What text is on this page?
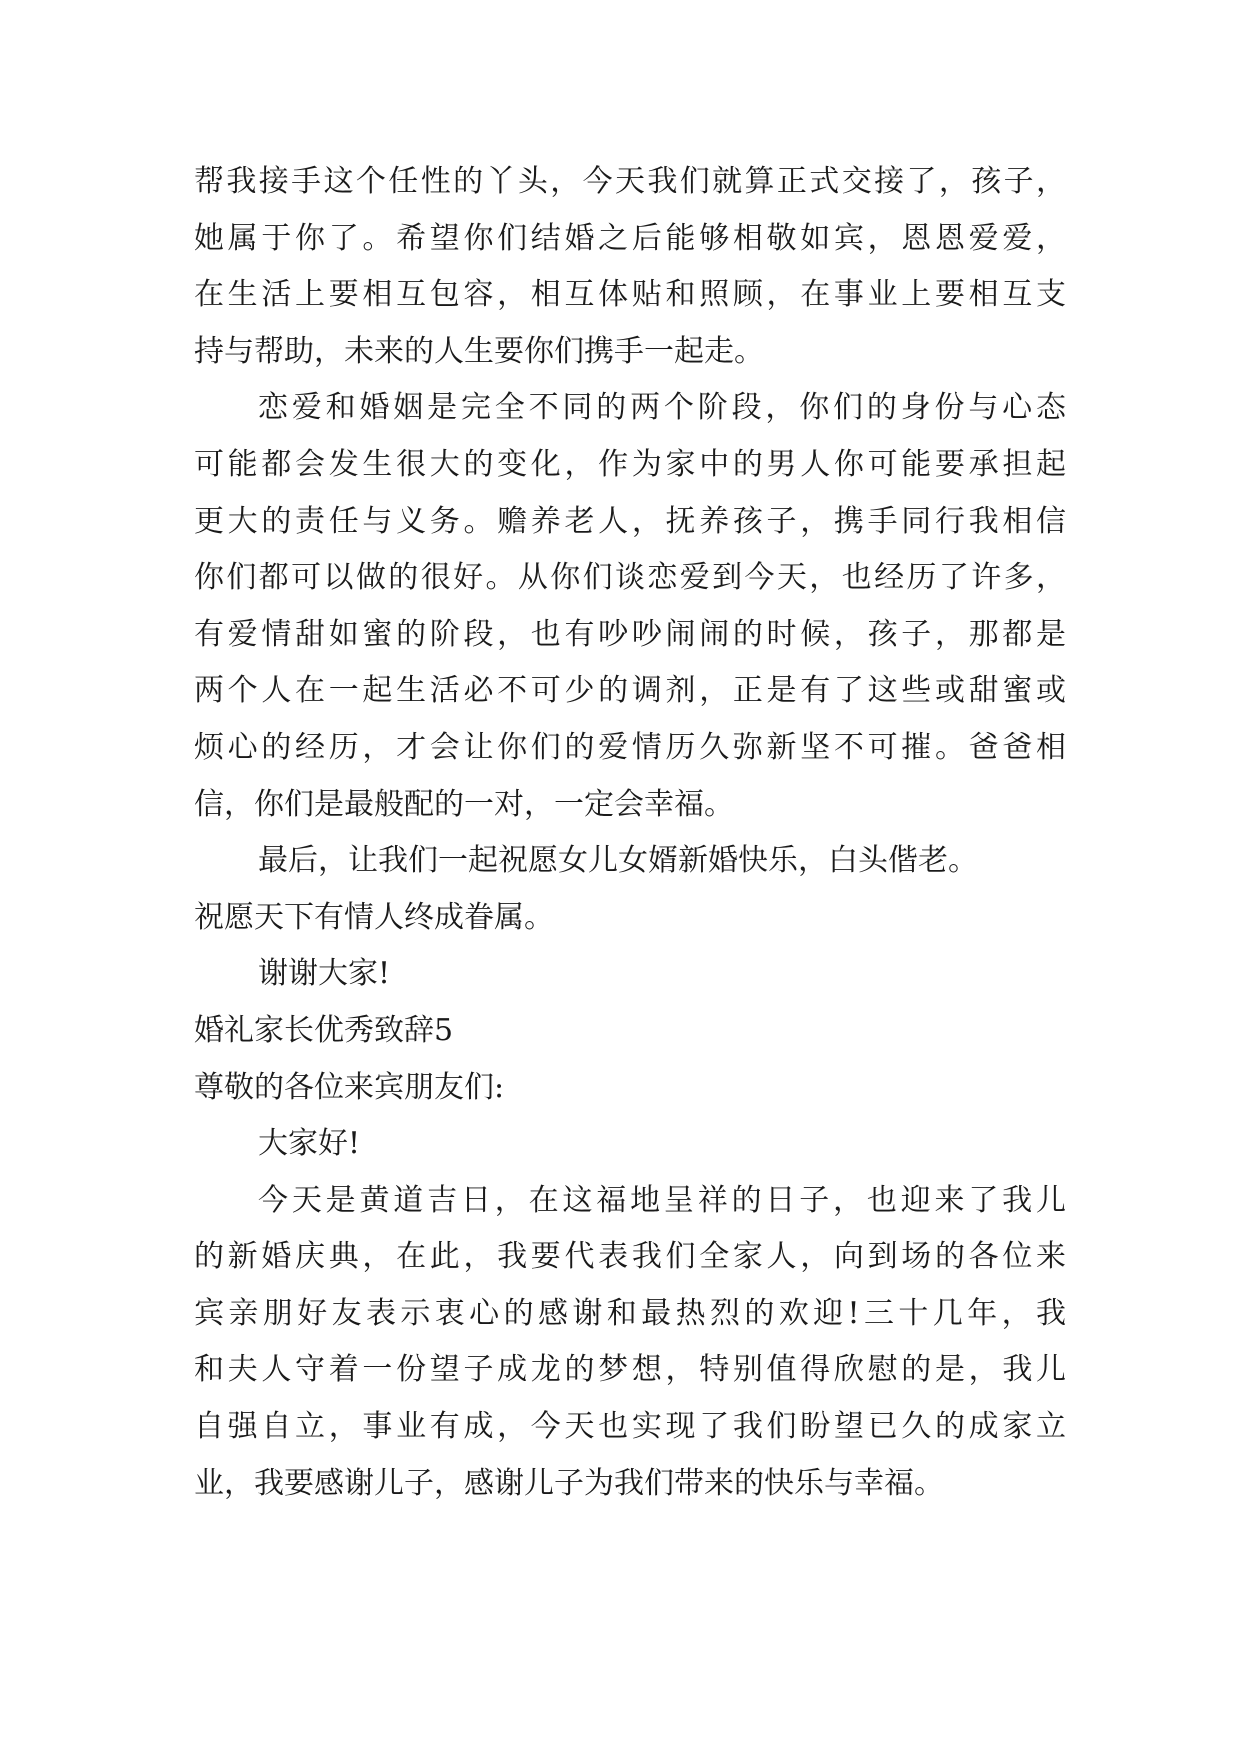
帮我接手这个任性的丫头，今天我们就算正式交接了，孩子，
她属于你了。希望你们结婚之后能够相敬如宾，恩恩爱爱，
在生活上要相互包容，相互体贴和照顾，在事业上要相互支
持与帮助，未来的人生要你们携手一起走。
恋爱和婚姻是完全不同的两个阶段，你们的身份与心态
可能都会发生很大的变化，作为家中的男人你可能要承担起
更大的责任与义务。赡养老人，抚养孩子，携手同行我相信
你们都可以做的很好。从你们谈恋爱到今天，也经历了许多，
有爱情甜如蜜的阶段，也有吵吵闹闹的时候，孩子，那都是
两个人在一起生活必不可少的调剂，正是有了这些或甜蜜或
烦心的经历，才会让你们的爱情历久弥新坚不可摧。爸爸相
信，你们是最般配的一对，一定会幸福。
最后，让我们一起祝愿女儿女婿新婚快乐，白头偕老。
祝愿天下有情人终成眷属。
谢谢大家!
婚礼家长优秀致辞5
尊敬的各位来宾朋友们:
大家好!
今天是黄道吉日，在这福地呈祥的日子，也迎来了我儿
的新婚庆典，在此，我要代表我们全家人，向到场的各位来
宾亲朋好友表示衷心的感谢和最热烈的欢迎!三十几年，我
和夫人守着一份望子成龙的梦想，特别值得欣慰的是，我儿
自强自立，事业有成，今天也实现了我们盼望已久的成家立
业，我要感谢儿子，感谢儿子为我们带来的快乐与幸福。
